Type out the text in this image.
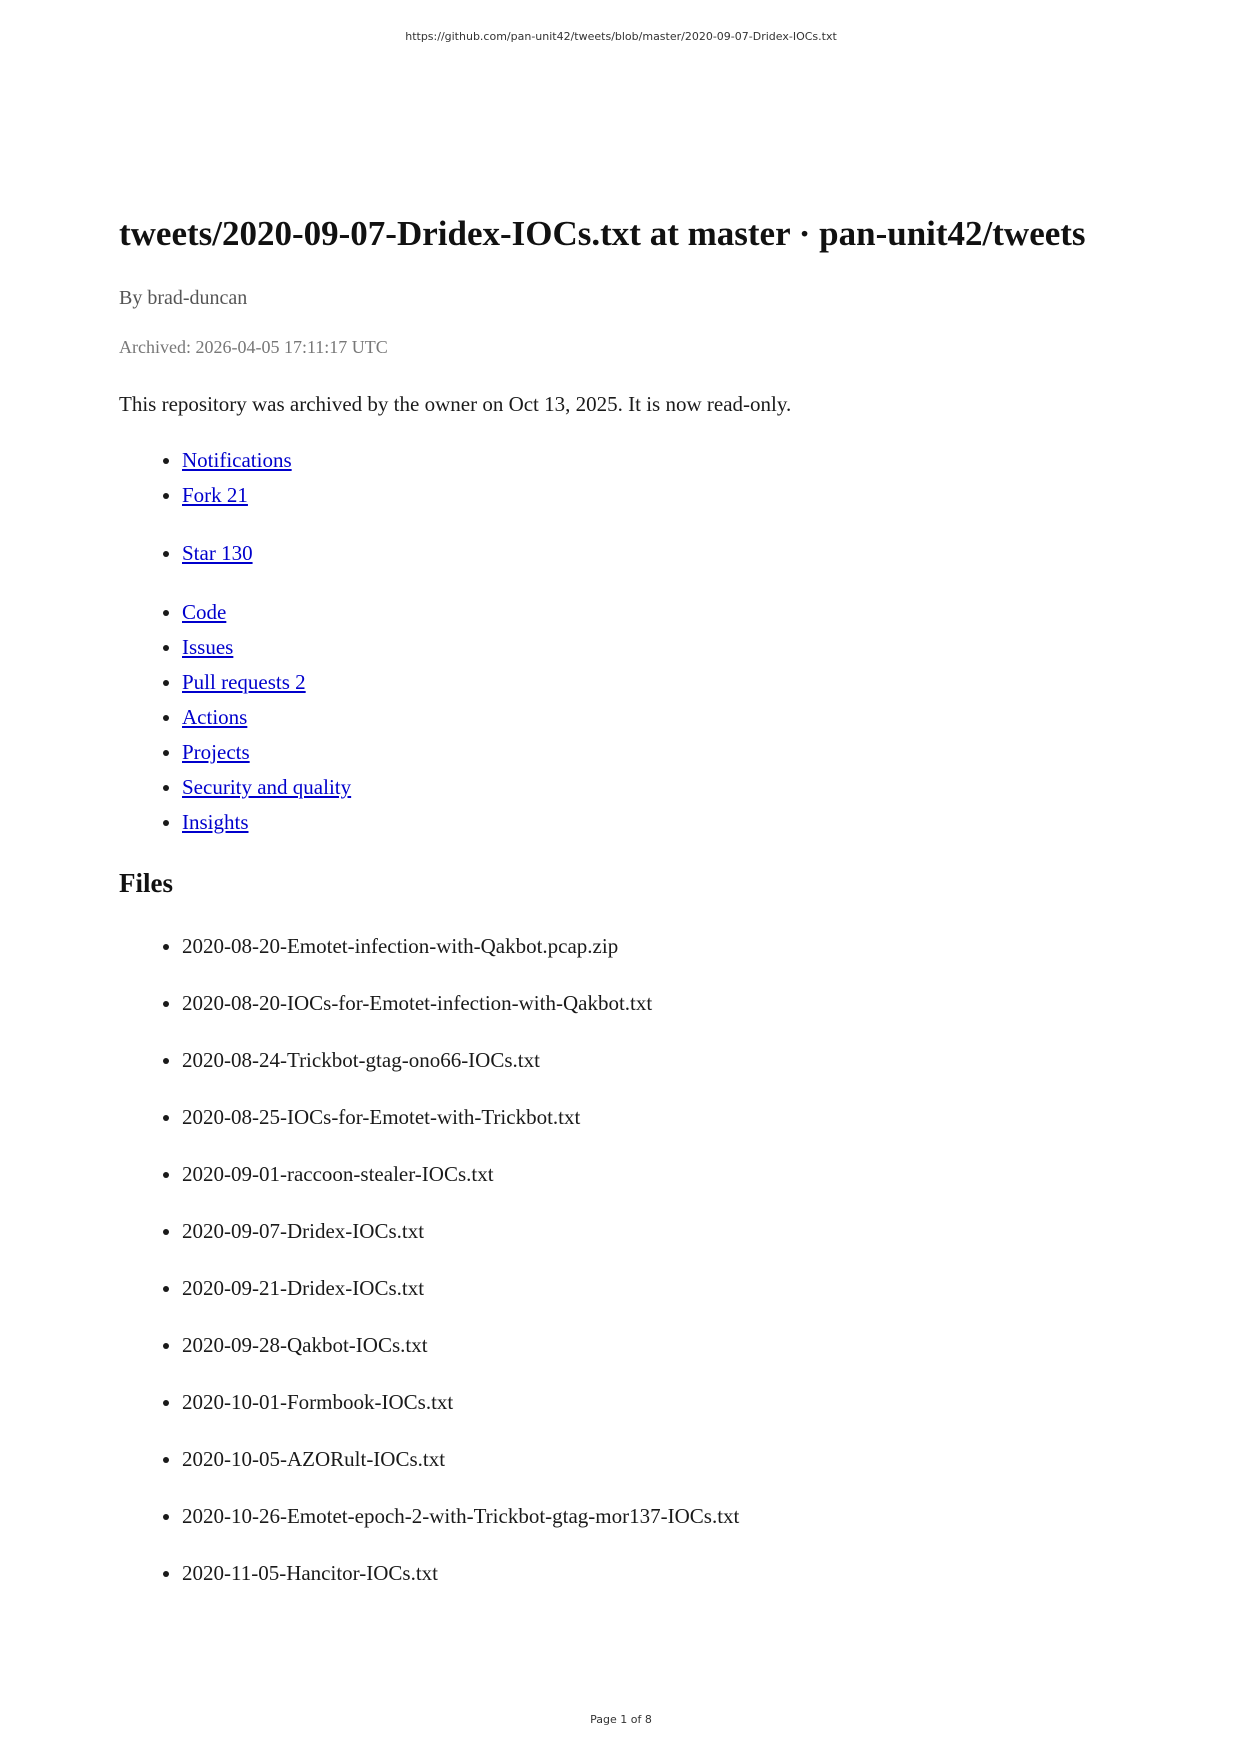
https://github.com/pan-unit42/tweets/blob/master/2020-09-07-Dridex-IOCs.txt
tweets/2020-09-07-Dridex-IOCs.txt at master · pan-unit42/tweets

By brad-duncan

Archived: 2026-04-05 17:11:17 UTC

This repository was archived by the owner on Oct 13, 2025. It is now read-only.

• Notifications
• Fork 21
• Star 130
• Code
• Issues
• Pull requests 2
• Actions
• Projects
• Security and quality
• Insights
Files
• 2020-08-20-Emotet-infection-with-Qakbot.pcap.zip
• 2020-08-20-IOCs-for-Emotet-infection-with-Qakbot.txt
• 2020-08-24-Trickbot-gtag-ono66-IOCs.txt
• 2020-08-25-IOCs-for-Emotet-with-Trickbot.txt
• 2020-09-01-raccoon-stealer-IOCs.txt
• 2020-09-07-Dridex-IOCs.txt
• 2020-09-21-Dridex-IOCs.txt
• 2020-09-28-Qakbot-IOCs.txt
• 2020-10-01-Formbook-IOCs.txt
• 2020-10-05-AZORult-IOCs.txt
• 2020-10-26-Emotet-epoch-2-with-Trickbot-gtag-mor137-IOCs.txt
• 2020-11-05-Hancitor-IOCs.txt
Page 1 of 8
